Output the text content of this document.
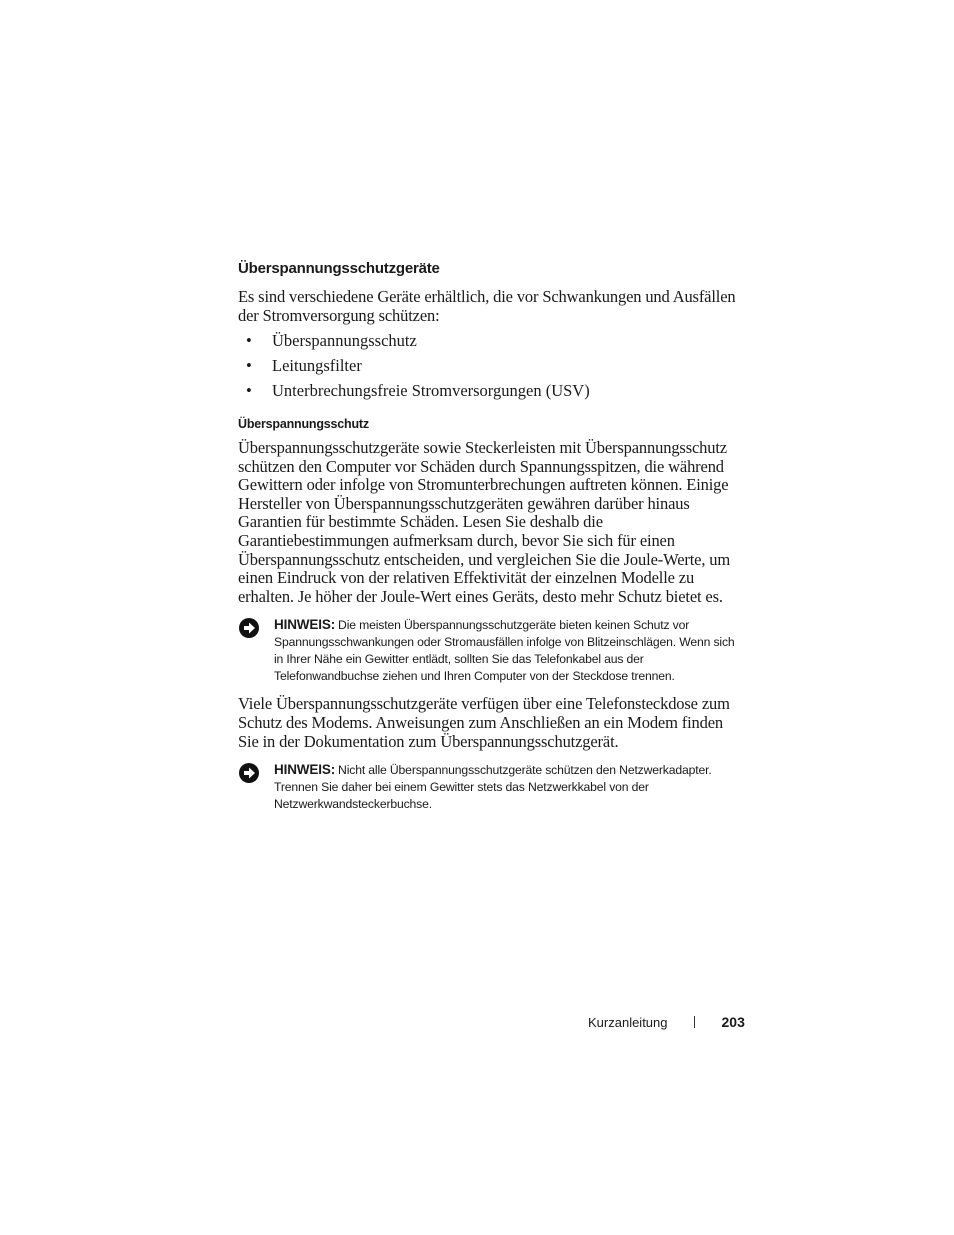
Überspannungsschutzgeräte

Es sind verschiedene Geräte erhältlich, die vor Schwankungen und Ausfällen der Stromversorgung schützen:

•	Überspannungsschutz
•	Leitungsfilter
•	Unterbrechungsfreie Stromversorgungen (USV)
Überspannungsschutz

Überspannungsschutzgeräte sowie Steckerleisten mit Überspannungsschutz schützen den Computer vor Schäden durch Spannungsspitzen, die während Gewittern oder infolge von Stromunterbrechungen auftreten können. Einige Hersteller von Überspannungsschutzgeräten gewähren darüber hinaus Garantien für bestimmte Schäden. Lesen Sie deshalb die Garantiebestimmungen aufmerksam durch, bevor Sie sich für einen Überspannungsschutz entscheiden, und vergleichen Sie die Joule-Werte, um einen Eindruck von der relativen Effektivität der einzelnen Modelle zu erhalten. Je höher der Joule-Wert eines Geräts, desto mehr Schutz bietet es.

HINWEIS: Die meisten Überspannungsschutzgeräte bieten keinen Schutz vor Spannungsschwankungen oder Stromausfällen infolge von Blitzeinschlägen. Wenn sich in Ihrer Nähe ein Gewitter entlädt, sollten Sie das Telefonkabel aus der Telefonwandbuchse ziehen und Ihren Computer von der Steckdose trennen.

Viele Überspannungsschutzgeräte verfügen über eine Telefonsteckdose zum Schutz des Modems. Anweisungen zum Anschließen an ein Modem finden Sie in der Dokumentation zum Überspannungsschutzgerät.

HINWEIS: Nicht alle Überspannungsschutzgeräte schützen den Netzwerkadapter. Trennen Sie daher bei einem Gewitter stets das Netzwerkkabel von der Netzwerkwandsteckerbuchse.
Kurzanleitung	203
